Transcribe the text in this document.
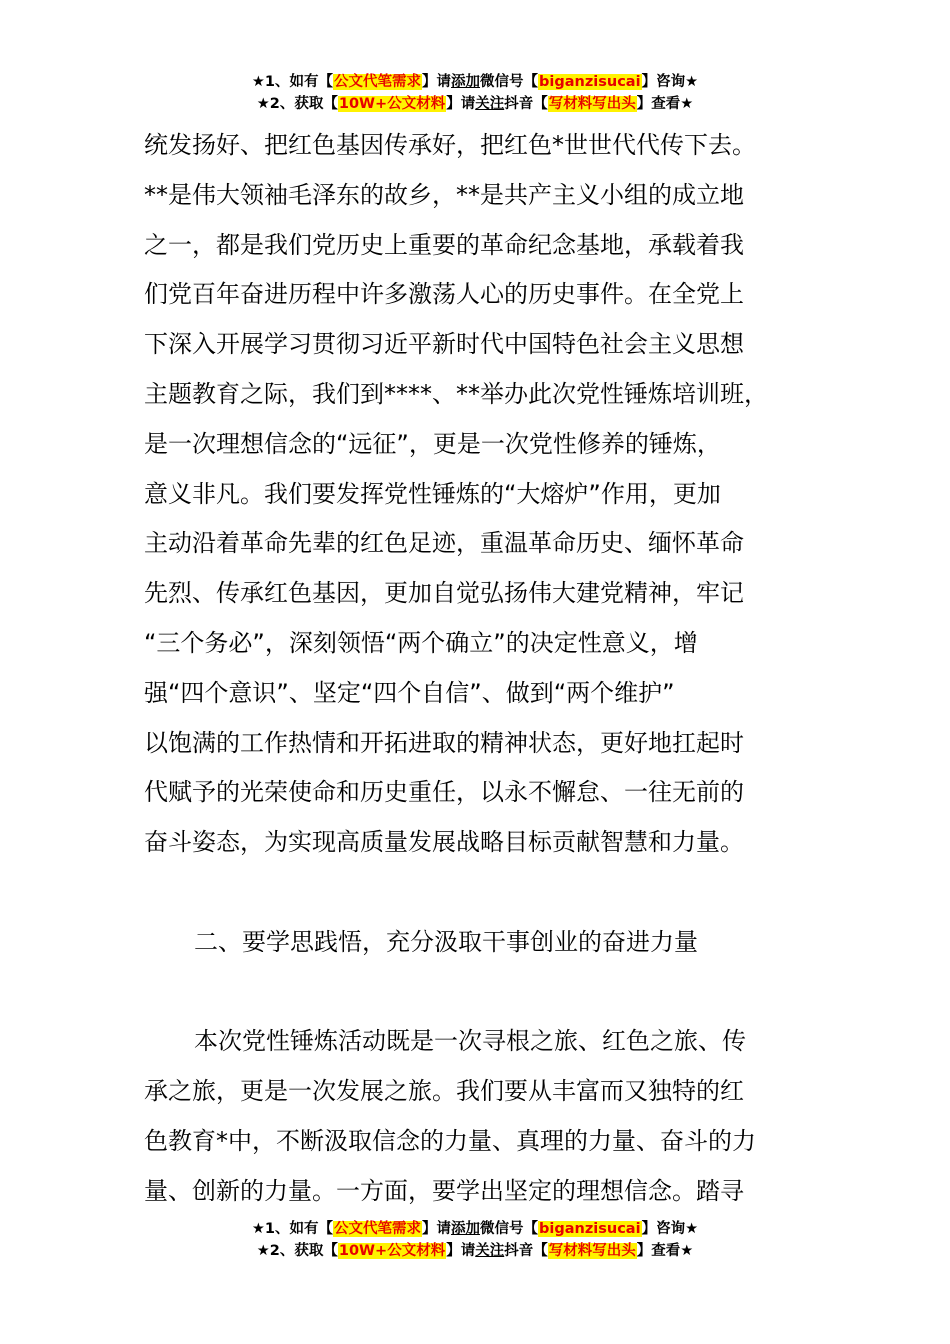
★1、如有【公文代笔需求】请添加微信号【biganzisucai】咨询★
★2、获取【10W+公文材料】请关注抖音【写材料写出头】查看★
统发扬好、把红色基因传承好，把红色*世世代代传下去。
**是伟大领袖毛泽东的故乡，**是共产主义小组的成立地
之一，都是我们党历史上重要的革命纪念基地，承载着我
们党百年奋进历程中许多激荡人心的历史事件。在全党上
下深入开展学习贯彻习近平新时代中国特色社会主义思想
主题教育之际，我们到****、**举办此次党性锤炼培训班，
是一次理想信念的“远征”，更是一次党性修养的锤炼，
意义非凡。我们要发挥党性锤炼的“大熔炉”作用，更加
主动沿着革命先辈的红色足迹，重温革命历史、缅怀革命
先烈、传承红色基因，更加自觉弘扬伟大建党精神，牢记
“三个务必”，深刻领悟“两个确立”的决定性意义，增
强“四个意识”、坚定“四个自信”、做到“两个维护”
以饱满的工作热情和开拓进取的精神状态，更好地扛起时
代赋予的光荣使命和历史重任，以永不懈怠、一往无前的
奋斗姿态，为实现高质量发展战略目标贡献智慧和力量。
二、要学思践悟，充分汲取干事创业的奋进力量
本次党性锤炼活动既是一次寻根之旅、红色之旅、传
承之旅，更是一次发展之旅。我们要从丰富而又独特的红
色教育*中，不断汲取信念的力量、真理的力量、奋斗的力
量、创新的力量。一方面，要学出坚定的理想信念。踏寻
★1、如有【公文代笔需求】请添加微信号【biganzisucai】咨询★
★2、获取【10W+公文材料】请关注抖音【写材料写出头】查看★
